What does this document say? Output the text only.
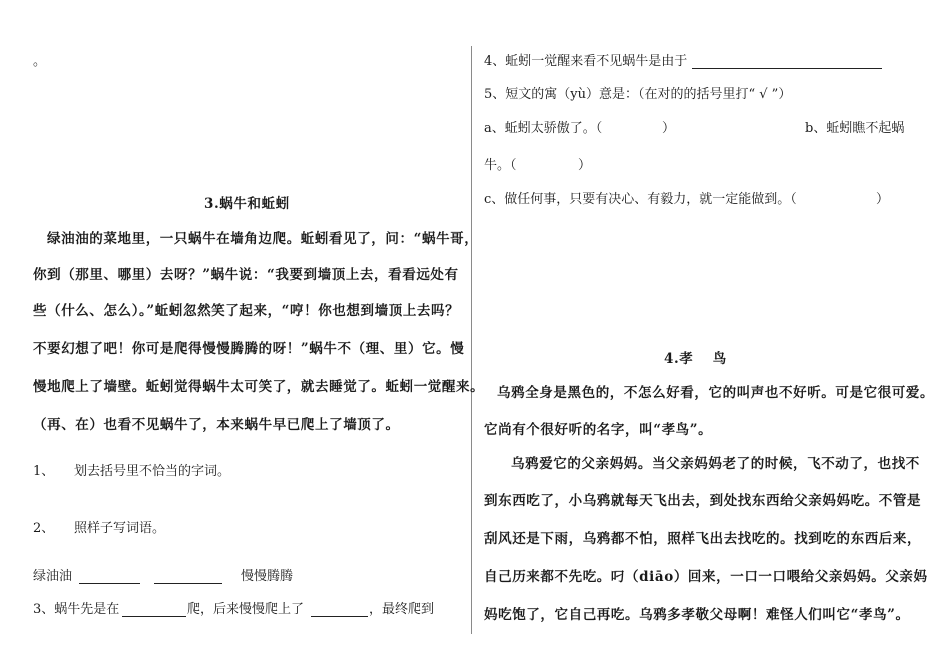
。
3.蜗牛和蚯蚓
绿油油的菜地里，一只蜗牛在墙角边爬。蚯蚓看见了，问：“蜗牛哥，
你到（那里、哪里）去呀？”蜗牛说：“我要到墙顶上去，看看远处有
些（什么、怎么）。”蚯蚓忽然笑了起来，“哼！你也想到墙顶上去吗？
不要幻想了吧！你可是爬得慢慢腾腾的呀！”蜗牛不（理、里）它。慢
慢地爬上了墙壁。蚯蚓觉得蜗牛太可笑了，就去睡觉了。蚯蚓一觉醒来。
（再、在）也看不见蜗牛了，本来蜗牛早已爬上了墙顶了。
1、 划去括号里不恰当的字词。
2、 照样子写词语。
绿油油	慢慢腾腾
3、蜗牛先是在	爬，后来慢慢爬上了	，最终爬到
4、蚯蚓一觉醒来看不见蜗牛是由于
5、短文的寓（yù）意是：（在对的的括号里打“ √ ”）
a、蚯蚓太骄傲了。（	）	b、蚯蚓瞧不起蜗
牛。（	）
c、做任何事，只要有决心、有毅力，就一定能做到。（	）
4.孝　 鸟
乌鸦全身是黑色的，不怎么好看，它的叫声也不好听。可是它很可爱。
它尚有个很好听的名字，叫“孝鸟”。
乌鸦爱它的父亲妈妈。当父亲妈妈老了的时候，飞不动了，也找不
到东西吃了，小乌鸦就每天飞出去，到处找东西给父亲妈妈吃。不管是
刮风还是下雨，乌鸦都不怕，照样飞出去找吃的。找到吃的东西后来，
自己历来都不先吃。叼（diāo）回来，一口一口喂给父亲妈妈。父亲妈
妈吃饱了，它自己再吃。乌鸦多孝敬父母啊！难怪人们叫它“孝鸟”。
